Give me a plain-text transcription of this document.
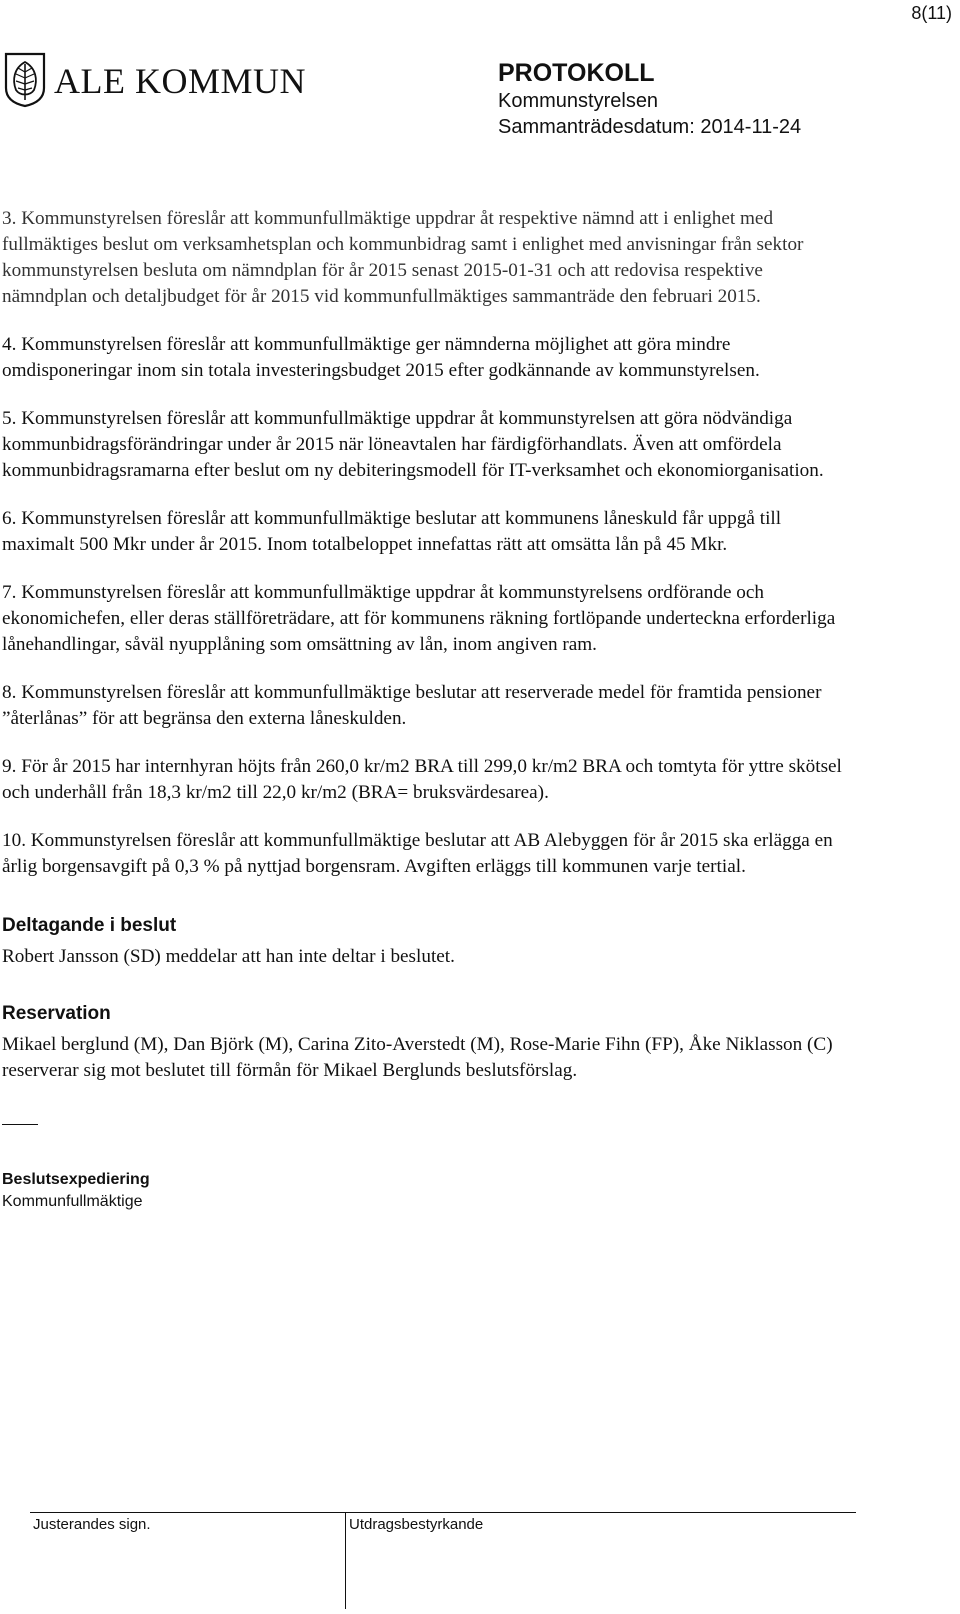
8(11)
ALE KOMMUN	PROTOKOLL
Kommunstyrelsen
Sammanträdesdatum: 2014-11-24

3. Kommunstyrelsen föreslår att kommunfullmäktige uppdrar åt respektive nämnd att i enlighet med fullmäktiges beslut om verksamhetsplan och kommunbidrag samt i enlighet med anvisningar från sektor kommunstyrelsen besluta om nämndplan för år 2015 senast 2015-01-31 och att redovisa respektive nämndplan och detaljbudget för år 2015 vid kommunfullmäktiges sammanträde den februari 2015.

4. Kommunstyrelsen föreslår att kommunfullmäktige ger nämnderna möjlighet att göra mindre omdisponeringar inom sin totala investeringsbudget 2015 efter godkännande av kommunstyrelsen.

5. Kommunstyrelsen föreslår att kommunfullmäktige uppdrar åt kommunstyrelsen att göra nödvändiga kommunbidragsförändringar under år 2015 när löneavtalen har färdigförhandlats. Även att omfördela kommunbidragsramarna efter beslut om ny debiteringsmodell för IT-verksamhet och ekonomiorganisation.

6. Kommunstyrelsen föreslår att kommunfullmäktige beslutar att kommunens låneskuld får uppgå till maximalt 500 Mkr under år 2015. Inom totalbeloppet innefattas rätt att omsätta lån på 45 Mkr.

7. Kommunstyrelsen föreslår att kommunfullmäktige uppdrar åt kommunstyrelsens ordförande och ekonomichefen, eller deras ställföreträdare, att för kommunens räkning fortlöpande underteckna erforderliga lånehandlingar, såväl nyupplåning som omsättning av lån, inom angiven ram.

8. Kommunstyrelsen föreslår att kommunfullmäktige beslutar att reserverade medel för framtida pensioner ”återlånas” för att begränsa den externa låneskulden.

9. För år 2015 har internhyran höjts från 260,0 kr/m2 BRA till 299,0 kr/m2 BRA och tomtyta för yttre skötsel och underhåll från 18,3 kr/m2 till 22,0 kr/m2 (BRA= bruksvärdesarea).

10. Kommunstyrelsen föreslår att kommunfullmäktige beslutar att AB Alebyggen för år 2015 ska erlägga en årlig borgensavgift på 0,3 % på nyttjad borgensram. Avgiften erläggs till kommunen varje tertial.

Deltagande i beslut

Robert Jansson (SD) meddelar att han inte deltar i beslutet.

Reservation

Mikael berglund (M), Dan Björk (M), Carina Zito-Averstedt (M), Rose-Marie Fihn (FP), Åke Niklasson (C) reserverar sig mot beslutet till förmån för Mikael Berglunds beslutsförslag.

Beslutsexpediering
Kommunfullmäktige
Justerandes sign.	Utdragsbestyrkande
